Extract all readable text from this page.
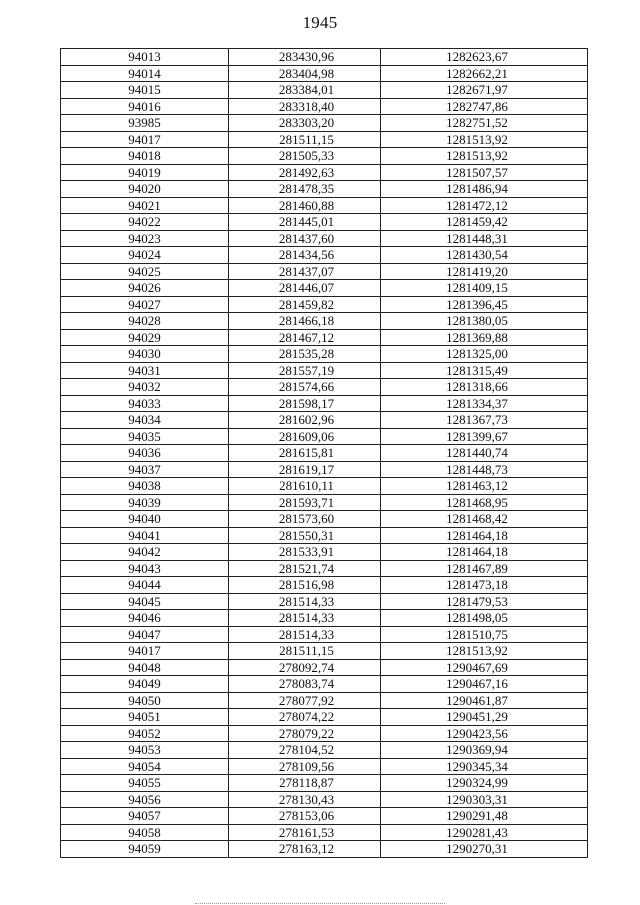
1945
94013	283430,96	1282623,67
94014	283404,98	1282662,21
94015	283384,01	1282671,97
94016	283318,40	1282747,86
93985	283303,20	1282751,52
94017	281511,15	1281513,92
94018	281505,33	1281513,92
94019	281492,63	1281507,57
94020	281478,35	1281486,94
94021	281460,88	1281472,12
94022	281445,01	1281459,42
94023	281437,60	1281448,31
94024	281434,56	1281430,54
94025	281437,07	1281419,20
94026	281446,07	1281409,15
94027	281459,82	1281396,45
94028	281466,18	1281380,05
94029	281467,12	1281369,88
94030	281535,28	1281325,00
94031	281557,19	1281315,49
94032	281574,66	1281318,66
94033	281598,17	1281334,37
94034	281602,96	1281367,73
94035	281609,06	1281399,67
94036	281615,81	1281440,74
94037	281619,17	1281448,73
94038	281610,11	1281463,12
94039	281593,71	1281468,95
94040	281573,60	1281468,42
94041	281550,31	1281464,18
94042	281533,91	1281464,18
94043	281521,74	1281467,89
94044	281516,98	1281473,18
94045	281514,33	1281479,53
94046	281514,33	1281498,05
94047	281514,33	1281510,75
94017	281511,15	1281513,92
94048	278092,74	1290467,69
94049	278083,74	1290467,16
94050	278077,92	1290461,87
94051	278074,22	1290451,29
94052	278079,22	1290423,56
94053	278104,52	1290369,94
94054	278109,56	1290345,34
94055	278118,87	1290324,99
94056	278130,43	1290303,31
94057	278153,06	1290291,48
94058	278161,53	1290281,43
94059	278163,12	1290270,31
